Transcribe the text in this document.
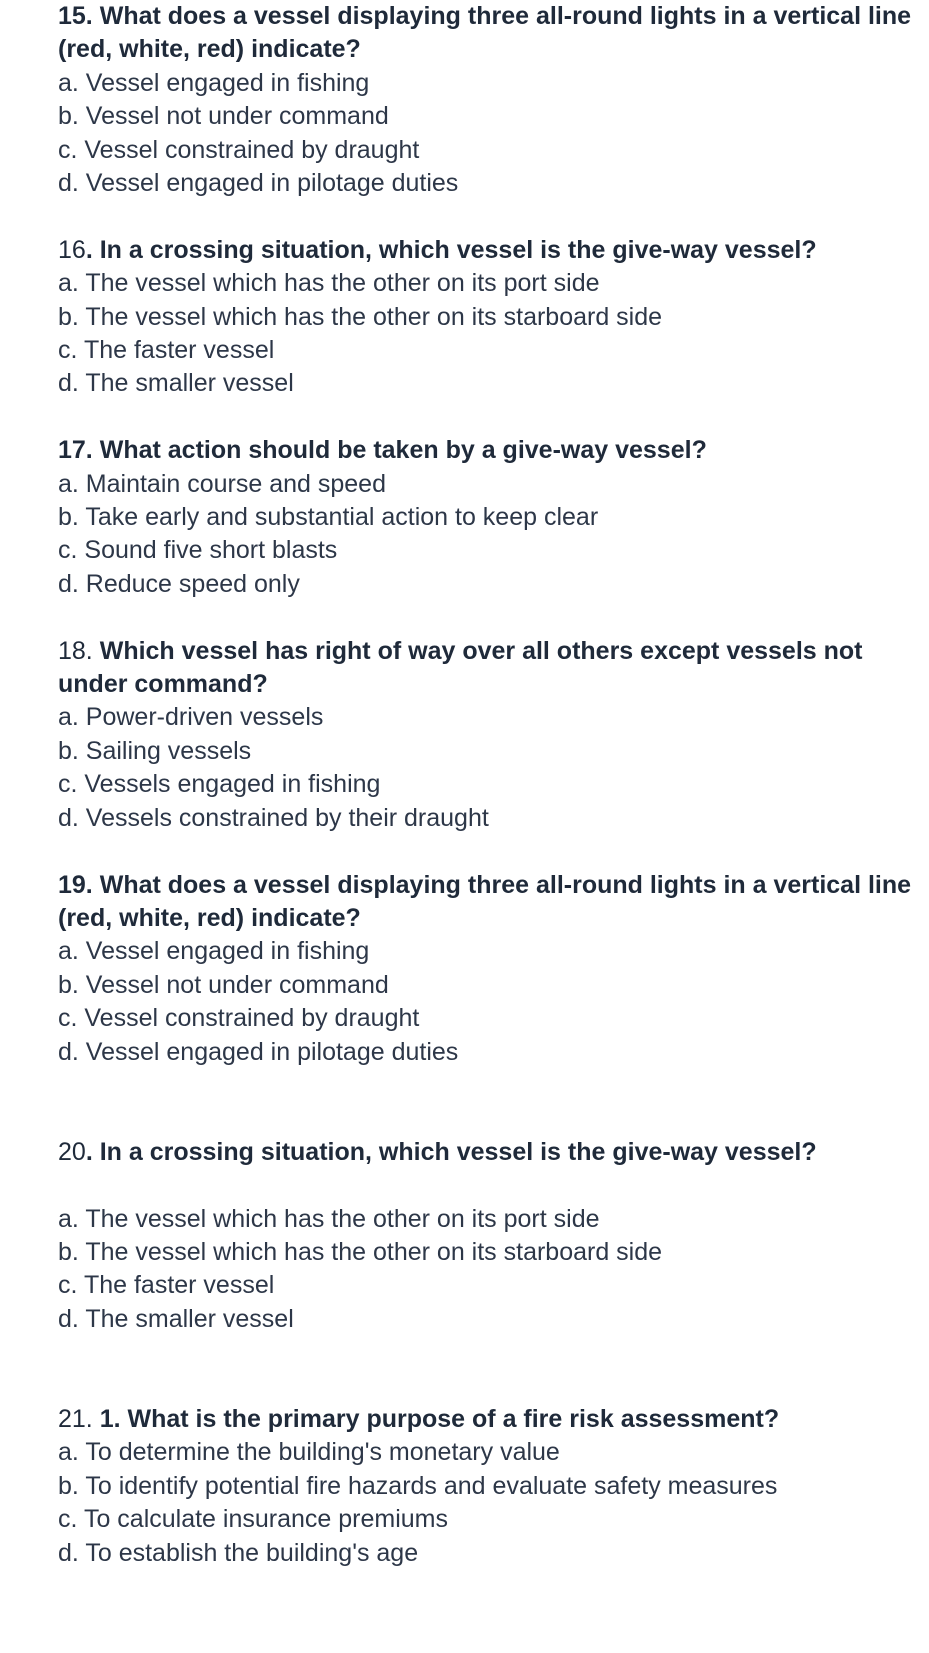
15. What does a vessel displaying three all-round lights in a vertical line (red, white, red) indicate?

a. Vessel engaged in fishing

b. Vessel not under command

c. Vessel constrained by draught

d. Vessel engaged in pilotage duties

16. In a crossing situation, which vessel is the give-way vessel?

a. The vessel which has the other on its port side

b. The vessel which has the other on its starboard side

c. The faster vessel

d. The smaller vessel

17. What action should be taken by a give-way vessel?

a. Maintain course and speed

b. Take early and substantial action to keep clear

c. Sound five short blasts

d. Reduce speed only

18. Which vessel has right of way over all others except vessels not under command?

a. Power-driven vessels

b. Sailing vessels

c. Vessels engaged in fishing

d. Vessels constrained by their draught

19. What does a vessel displaying three all-round lights in a vertical line (red, white, red) indicate?

a. Vessel engaged in fishing

b. Vessel not under command

c. Vessel constrained by draught

d. Vessel engaged in pilotage duties

20. In a crossing situation, which vessel is the give-way vessel?

a. The vessel which has the other on its port side

b. The vessel which has the other on its starboard side

c. The faster vessel

d. The smaller vessel

21. 1. What is the primary purpose of a fire risk assessment?

a. To determine the building's monetary value

b. To identify potential fire hazards and evaluate safety measures

c. To calculate insurance premiums

d. To establish the building's age
